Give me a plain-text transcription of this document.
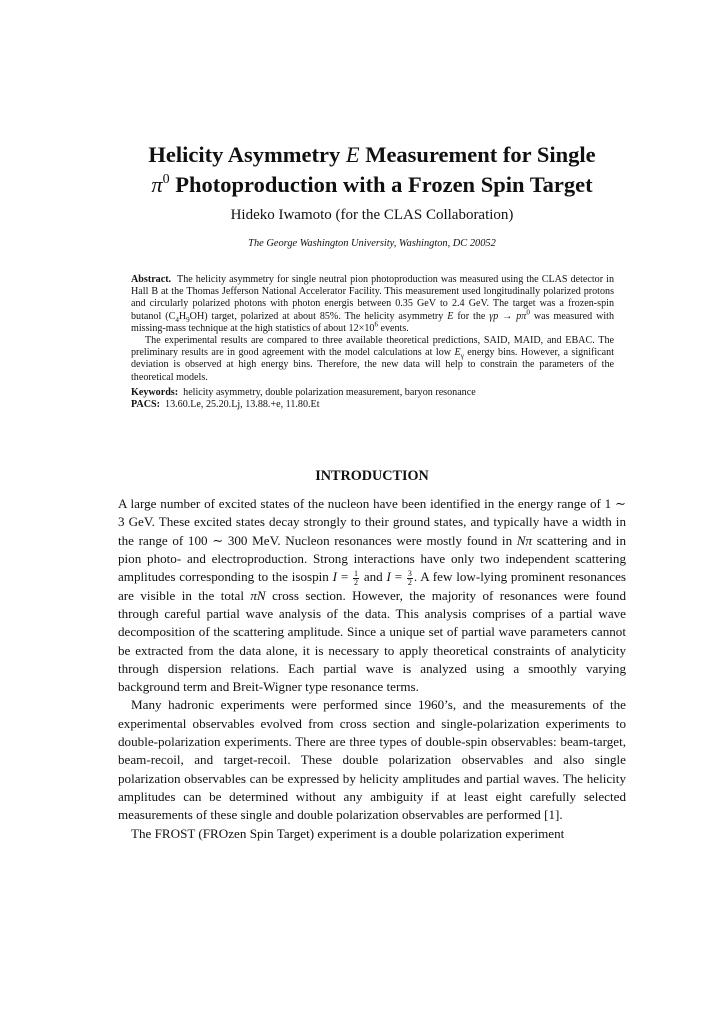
Helicity Asymmetry E Measurement for Single
$\pi^0$ Photoproduction with a Frozen Spin Target
Hideko Iwamoto (for the CLAS Collaboration)
The George Washington University, Washington, DC 20052

Abstract. The helicity asymmetry for single neutral pion photoproduction was measured using the CLAS detector in Hall B at the Thomas Jefferson National Accelerator Facility. This measurement used longitudinally polarized protons and circularly polarized photons with photon energis between 0.35 GeV to 2.4 GeV. The target was a frozen-spin butanol $(C_4H_9OH)$ target, polarized at about 85%. The helicity asymmetry E for the $\gamma p \to p\pi^0$ was measured with missing-mass technique at the high statistics of about $12\times 10^6$ events.

The experimental results are compared to three available theoretical predictions, SAID, MAID, and EBAC. The preliminary results are in good agreement with the model calculations at low $E_\gamma$ energy bins. However, a significant deviation is observed at high energy bins. Therefore, the new data will help to constrain the parameters of the theoretical models.

Keywords: helicity asymmetry, double polarization measurement, baryon resonance

PACS: 13.60.Le, 25.20.Lj, 13.88.+e, 11.80.Et

INTRODUCTION

A large number of excited states of the nucleon have been identified in the energy range of 1 ∼ 3 GeV. These excited states decay strongly to their ground states, and typically have a width in the range of 100 ∼ 300 MeV. Nucleon resonances were mostly found in Nπ scattering and in pion photo- and electroproduction. Strong interactions have only two independent scattering amplitudes corresponding to the isospin $I = \frac{1}{2}$ and $I = \frac{3}{2}$ . A few low-lying prominent resonances are visible in the total πN cross section. However, the majority of resonances were found through careful partial wave analysis of the data. This analysis comprises of a partial wave decomposition of the scattering amplitude. Since a unique set of partial wave parameters cannot be extracted from the data alone, it is necessary to apply theoretical constraints of analyticity through dispersion relations. Each partial wave is analyzed using a smoothly varying background term and Breit-Wigner type resonance terms.

Many hadronic experiments were performed since 1960’s, and the measurements of the experimental observables evolved from cross section and single-polarization experiments to double-polarization experiments. There are three types of double-spin observables: beam-target, beam-recoil, and target-recoil. These double polarization observables and also single polarization observables can be expressed by helicity amplitudes and partial waves. The helicity amplitudes can be determined without any ambiguity if at least eight carefully selected measurements of these single and double polarization observables are performed [1].

The FROST (FROzen Spin Target) experiment is a double polarization experiment
